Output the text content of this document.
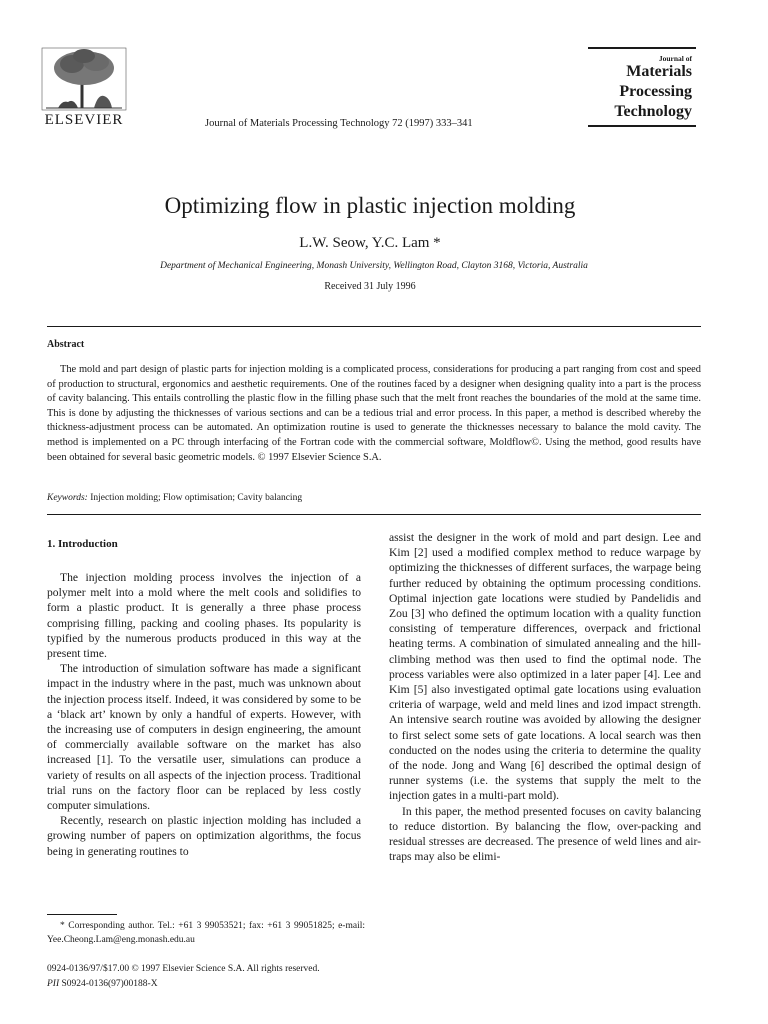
ELSEVIER	Journal of Materials Processing Technology 72 (1997) 333–341
Journal of
Materials
Processing
Technology
Optimizing flow in plastic injection molding
L.W. Seow, Y.C. Lam *
Department of Mechanical Engineering, Monash University, Wellington Road, Clayton 3168, Victoria, Australia
Received 31 July 1996
Abstract
The mold and part design of plastic parts for injection molding is a complicated process, considerations for producing a part ranging from cost and speed of production to structural, ergonomics and aesthetic requirements. One of the routines faced by a designer when designing quality into a part is the process of cavity balancing. This entails controlling the plastic flow in the filling phase such that the melt front reaches the boundaries of the mold at the same time. This is done by adjusting the thicknesses of various sections and can be a tedious trial and error process. In this paper, a method is described whereby the thickness-adjustment process can be automated. An optimization routine is used to generate the thicknesses necessary to balance the mold cavity. The method is implemented on a PC through interfacing of the Fortran code with the commercial software, Moldflow©. Using the method, good results have been obtained for several basic geometric models. © 1997 Elsevier Science S.A.
Keywords: Injection molding; Flow optimisation; Cavity balancing
1. Introduction

The injection molding process involves the injection of a polymer melt into a mold where the melt cools and solidifies to form a plastic product. It is generally a three phase process comprising filling, packing and cooling phases. Its popularity is typified by the numerous products produced in this way at the present time.

The introduction of simulation software has made a significant impact in the industry where in the past, much was unknown about the injection process itself. Indeed, it was considered by some to be a ‘black art’ known by only a handful of experts. However, with the increasing use of computers in design engineering, the amount of commercially available software on the market has also increased [1]. To the versatile user, simulations can produce a variety of results on all aspects of the injection process. Traditional trial runs on the factory floor can be replaced by less costly computer simulations.

Recently, research on plastic injection molding has included a growing number of papers on optimization algorithms, the focus being in generating routines to

assist the designer in the work of mold and part design. Lee and Kim [2] used a modified complex method to reduce warpage by optimizing the thicknesses of different surfaces, the warpage being further reduced by obtaining the optimum processing conditions. Optimal injection gate locations were studied by Pandelidis and Zou [3] who defined the optimum location with a quality function consisting of temperature differences, overpack and frictional heating terms. A combination of simulated annealing and the hill-climbing method was then used to find the optimal node. The process variables were also optimized in a later paper [4]. Lee and Kim [5] also investigated optimal gate locations using evaluation criteria of warpage, weld and meld lines and izod impact strength. An intensive search routine was avoided by allowing the designer to first select some sets of gate locations. A local search was then conducted on the nodes using the criteria to determine the quality of the node. Jong and Wang [6] described the optimal design of runner systems (i.e. the systems that supply the melt to the injection gates in a multi-part mold).

In this paper, the method presented focuses on cavity balancing to reduce distortion. By balancing the flow, over-packing and residual stresses are decreased. The presence of weld lines and air-traps may also be elimi-

* Corresponding author. Tel.: +61 3 99053521; fax: +61 3 99051825; e-mail: Yee.Cheong.Lam@eng.monash.edu.au
0924-0136/97/$17.00 © 1997 Elsevier Science S.A. All rights reserved.
PII S0924-0136(97)00188-X
